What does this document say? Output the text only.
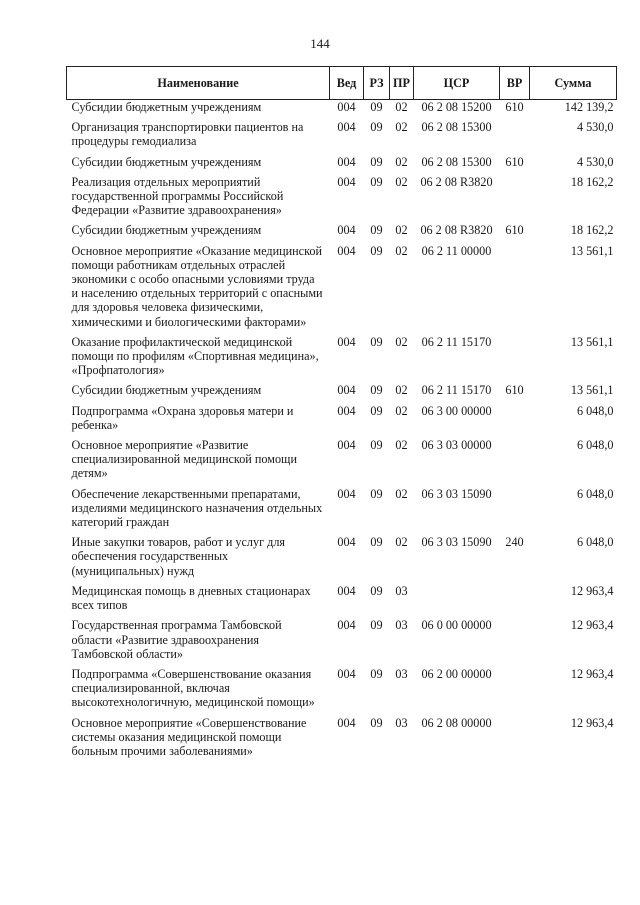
144
Наименование	Вед	РЗ	ПР	ЦСР	ВР	Сумма
Субсидии бюджетным учреждениям	004	09	02	06 2 08 15200	610	142 139,2

Организация транспортировки пациентов на процедуры гемодиализа	004	09	02	06 2 08 15300		4 530,0

Субсидии бюджетным учреждениям	004	09	02	06 2 08 15300	610	4 530,0

Реализация отдельных мероприятий государственной программы Российской Федерации «Развитие здравоохранения»	004	09	02	06 2 08 R3820		18 162,2

Субсидии бюджетным учреждениям	004	09	02	06 2 08 R3820	610	18 162,2

Основное мероприятие «Оказание медицинской помощи работникам отдельных отраслей экономики с особо опасными условиями труда и населению отдельных территорий с опасными для здоровья человека физическими, химическими и биологическими факторами»	004	09	02	06 2 11 00000		13 561,1

Оказание профилактической медицинской помощи по профилям «Спортивная медицина», «Профпатология»	004	09	02	06 2 11 15170		13 561,1

Субсидии бюджетным учреждениям	004	09	02	06 2 11 15170	610	13 561,1

Подпрограмма «Охрана здоровья матери и ребенка»	004	09	02	06 3 00 00000		6 048,0

Основное мероприятие «Развитие специализированной медицинской помощи детям»	004	09	02	06 3 03 00000		6 048,0

Обеспечение лекарственными препаратами, изделиями медицинского назначения отдельных категорий граждан	004	09	02	06 3 03 15090		6 048,0

Иные закупки товаров, работ и услуг для обеспечения государственных (муниципальных) нужд	004	09	02	06 3 03 15090	240	6 048,0

Медицинская помощь в дневных стационарах всех типов	004	09	03			12 963,4

Государственная программа Тамбовской области «Развитие здравоохранения Тамбовской области»	004	09	03	06 0 00 00000		12 963,4

Подпрограмма «Совершенствование оказания специализированной, включая высокотехнологичную, медицинской помощи»	004	09	03	06 2 00 00000		12 963,4

Основное мероприятие «Совершенствование системы оказания медицинской помощи больным прочими заболеваниями»	004	09	03	06 2 08 00000		12 963,4
